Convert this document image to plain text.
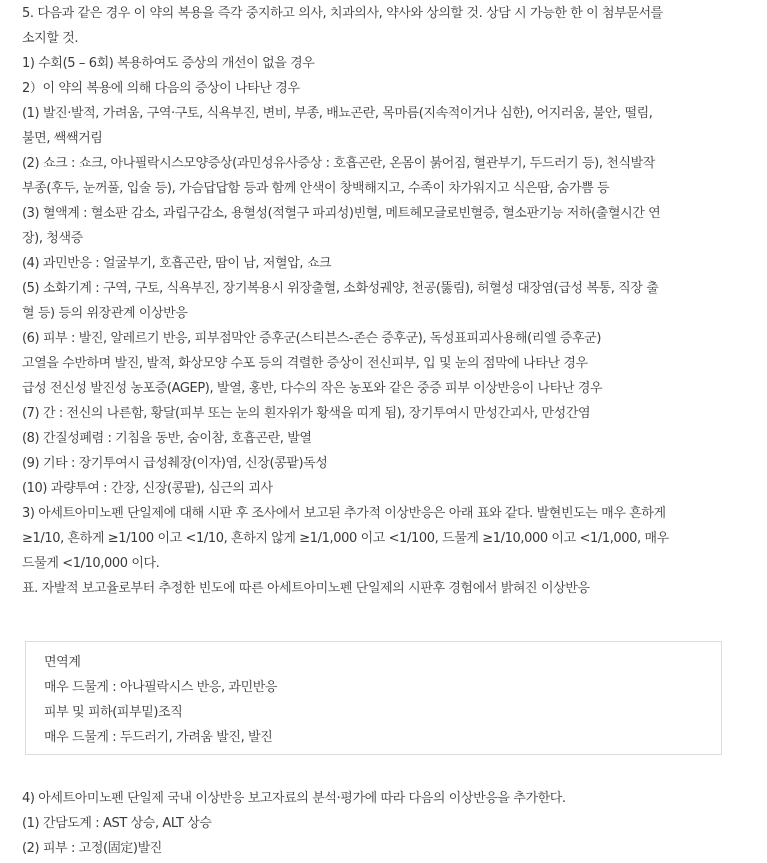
5. 다음과 같은 경우 이 약의 복용을 즉각 중지하고 의사, 치과의사, 약사와 상의할 것. 상담 시 가능한 한 이 첨부문서를
소지할 것.
1) 수회(5 – 6회) 복용하여도 증상의 개선이 없을 경우
2）이 약의 복용에 의해 다음의 증상이 나타난 경우
(1) 발진·발적, 가려움, 구역·구토, 식욕부진, 변비, 부종, 배뇨곤란, 목마름(지속적이거나 심한), 어지러움, 불안, 떨림,
불면, 쌕쌕거림
(2) 쇼크 : 쇼크, 아나필락시스모양증상(과민성유사증상 : 호흡곤란, 온몸이 붉어짐, 혈관부기, 두드러기 등), 천식발작
부종(후두, 눈꺼풀, 입술 등), 가슴답답함 등과 함께 안색이 창백해지고, 수족이 차가워지고 식은땀, 숨가쁨 등
(3) 혈액계 : 혈소판 감소, 과립구감소, 용혈성(적혈구 파괴성)빈혈, 메트헤모글로빈혈증, 혈소판기능 저하(출혈시간 연
장), 청색증
(4) 과민반응 : 얼굴부기, 호흡곤란, 땀이 남, 저혈압, 쇼크
(5) 소화기계 : 구역, 구토, 식욕부진, 장기복용시 위장출혈, 소화성궤양, 천공(뚫림), 허혈성 대장염(급성 복통, 직장 출
혈 등) 등의 위장관계 이상반응
(6) 피부 : 발진, 알레르기 반응, 피부점막안 증후군(스티븐스-존슨 증후군), 독성표피괴사용해(리엘 증후군)
고열을 수반하며 발진, 발적, 화상모양 수포 등의 격렬한 증상이 전신피부, 입 및 눈의 점막에 나타난 경우
급성 전신성 발진성 농포증(AGEP), 발열, 홍반, 다수의 작은 농포와 같은 중증 피부 이상반응이 나타난 경우
(7) 간 : 전신의 나른함, 황달(피부 또는 눈의 흰자위가 황색을 띠게 됨), 장기투여시 만성간괴사, 만성간염
(8) 간질성폐렴 : 기침을 동반, 숨이참, 호흡곤란, 발열
(9) 기타 : 장기투여시 급성췌장(이자)염, 신장(콩팥)독성
(10) 과량투여 : 간장, 신장(콩팥), 심근의 괴사
3) 아세트아미노펜 단일제에 대해 시판 후 조사에서 보고된 추가적 이상반응은 아래 표와 같다. 발현빈도는 매우 흔하게
≥1/10, 흔하게 ≥1/100 이고 <1/10, 흔하지 않게 ≥1/1,000 이고 <1/100, 드물게 ≥1/10,000 이고 <1/1,000, 매우
드물게 <1/10,000 이다.
표. 자발적 보고율로부터 추정한 빈도에 따른 아세트아미노펜 단일제의 시판후 경험에서 밝혀진 이상반응
면역계
매우 드물게 : 아나필락시스 반응, 과민반응
피부 및 피하(피부밑)조직
매우 드물게 : 두드러기, 가려움 발진, 발진
4) 아세트아미노펜 단일제 국내 이상반응 보고자료의 분석·평가에 따라 다음의 이상반응을 추가한다.
(1) 간담도계 : AST 상승, ALT 상승
(2) 피부 : 고정(固定)발진
